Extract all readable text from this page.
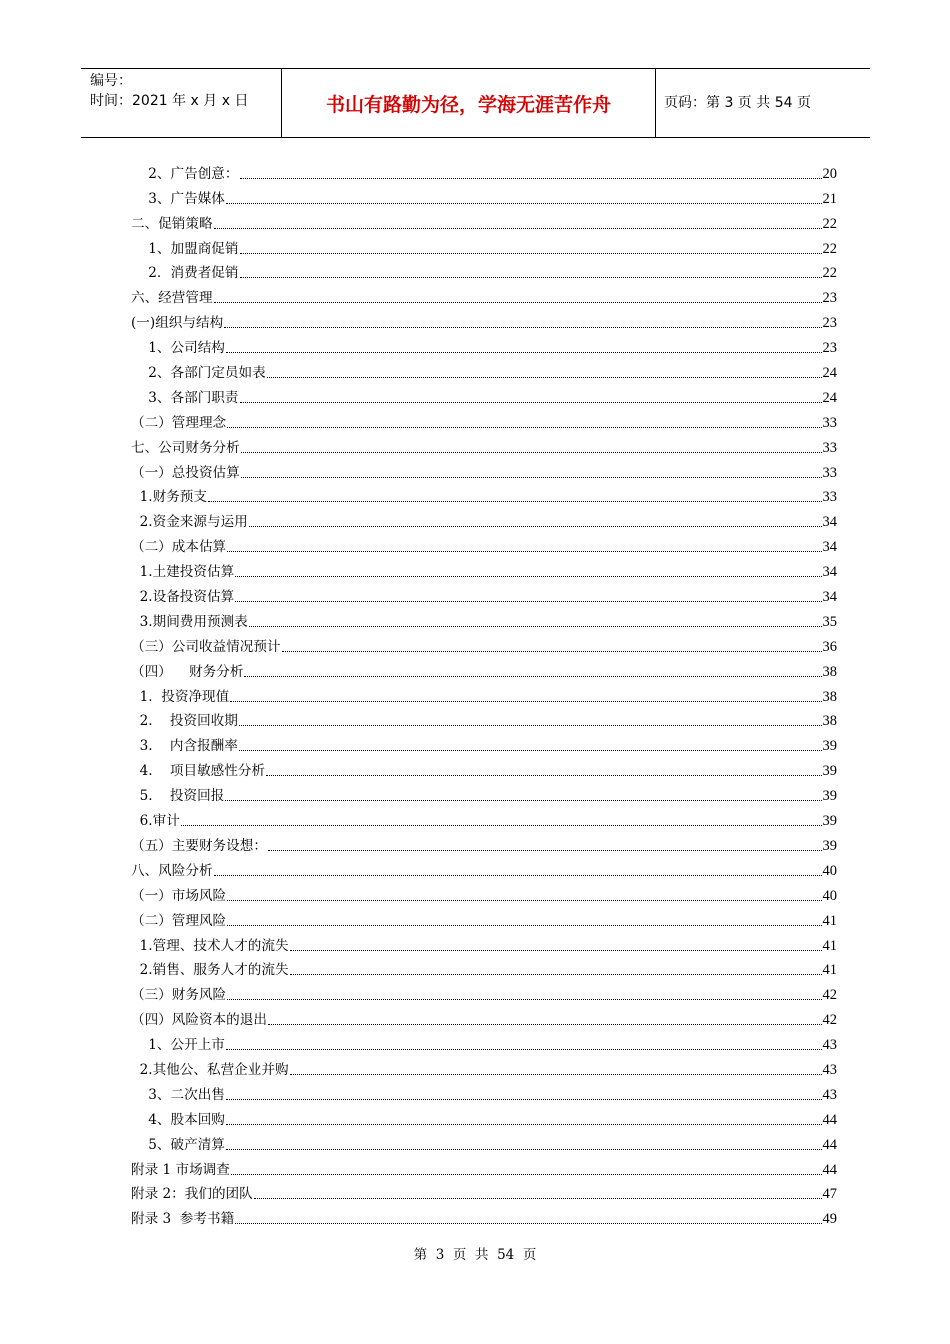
编号：
时间：2021 年 x 月 x 日	书山有路勤为径，学海无涯苦作舟	页码：第 3 页 共 54 页
2、广告创意：	20
3、广告媒体	21
二、促销策略	22
1、加盟商促销	22
2．消费者促销	22
六、经营管理	23
(一)组织与结构	23
1、公司结构	23
2、各部门定员如表	24
3、各部门职责	24
（二）管理理念	33
七、公司财务分析	33
（一）总投资估算	33
1.财务预支	33
2.资金来源与运用	34
（二）成本估算	34
1.土建投资估算	34
2.设备投资估算	34
3.期间费用预测表	35
（三）公司收益情况预计	36
（四）    财务分析	38
1.  投资净现值	38
2.    投资回收期	38
3.    内含报酬率	39
4.    项目敏感性分析	39
5.    投资回报	39
6.审计	39
（五）主要财务设想：	39
八、风险分析	40
（一）市场风险	40
（二）管理风险	41
1.管理、技术人才的流失	41
2.销售、服务人才的流失	41
（三）财务风险	42
（四）风险资本的退出	42
1、公开上市	43
2.其他公、私营企业并购	43
3、二次出售	43
4、股本回购	44
5、破产清算	44
附录 1 市场调查	44
附录 2：我们的团队	47
附录 3  参考书籍	49
第  3  页  共  54  页
